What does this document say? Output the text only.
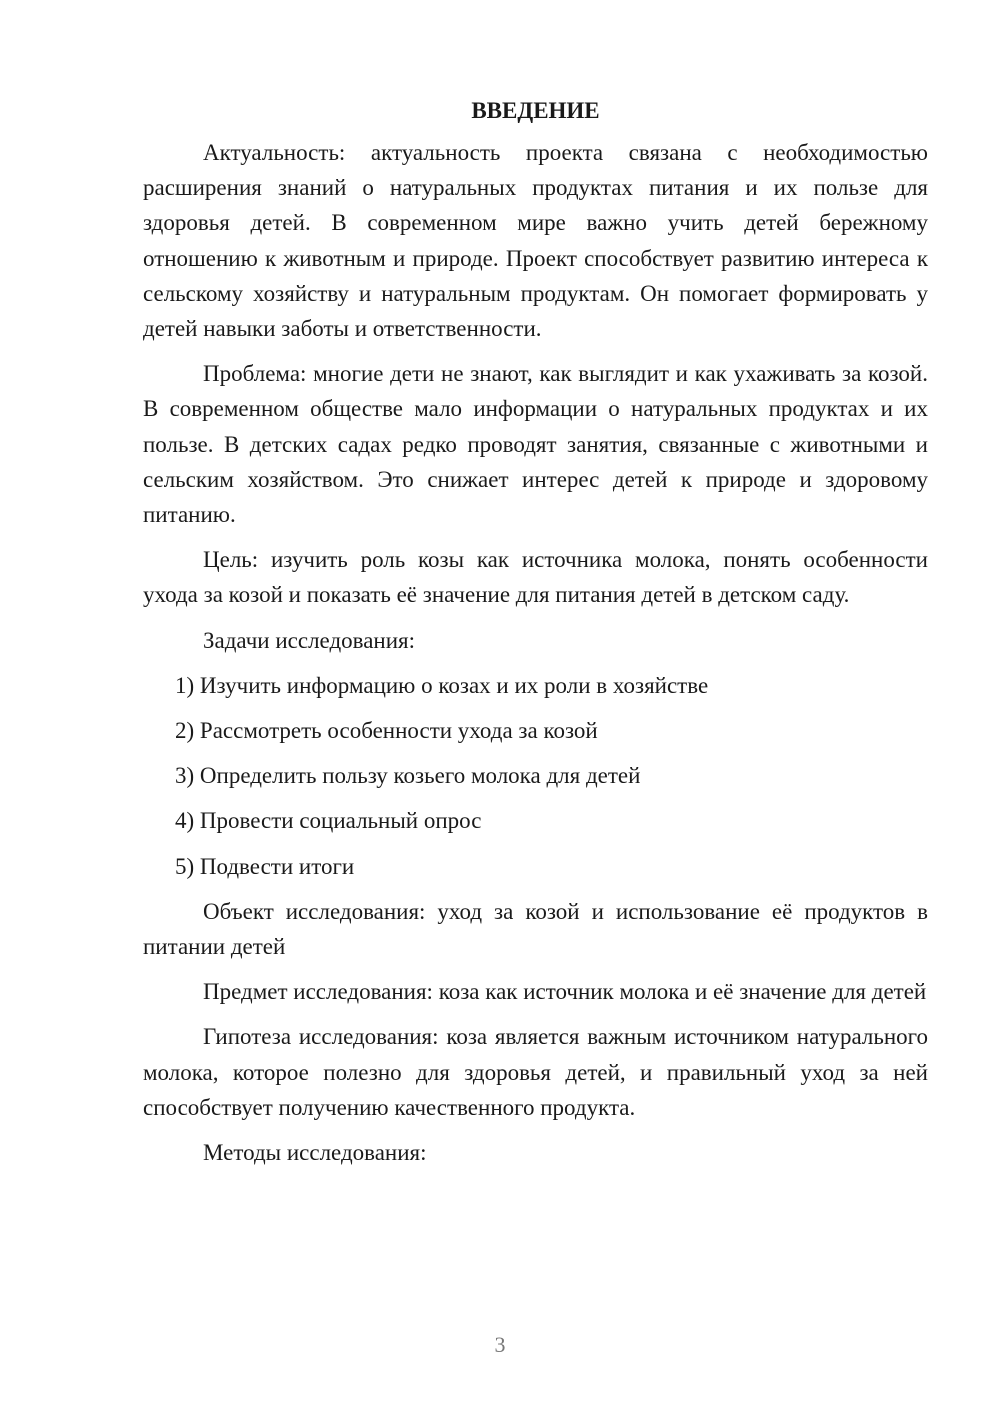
ВВЕДЕНИЕ

Актуальность: актуальность проекта связана с необходимостью расширения знаний о натуральных продуктах питания и их пользе для здоровья детей. В современном мире важно учить детей бережному отношению к животным и природе. Проект способствует развитию интереса к сельскому хозяйству и натуральным продуктам. Он помогает формировать у детей навыки заботы и ответственности.

Проблема: многие дети не знают, как выглядит и как ухаживать за козой. В современном обществе мало информации о натуральных продуктах и их пользе. В детских садах редко проводят занятия, связанные с животными и сельским хозяйством. Это снижает интерес детей к природе и здоровому питанию.

Цель: изучить роль козы как источника молока, понять особенности ухода за козой и показать её значение для питания детей в детском саду.

Задачи исследования:

1) Изучить информацию о козах и их роли в хозяйстве
2) Рассмотреть особенности ухода за козой
3) Определить пользу козьего молока для детей
4) Провести социальный опрос
5) Подвести итоги

Объект исследования: уход за козой и использование её продуктов в питании детей

Предмет исследования: коза как источник молока и её значение для детей

Гипотеза исследования: коза является важным источником натурального молока, которое полезно для здоровья детей, и правильный уход за ней способствует получению качественного продукта.

Методы исследования:

3
